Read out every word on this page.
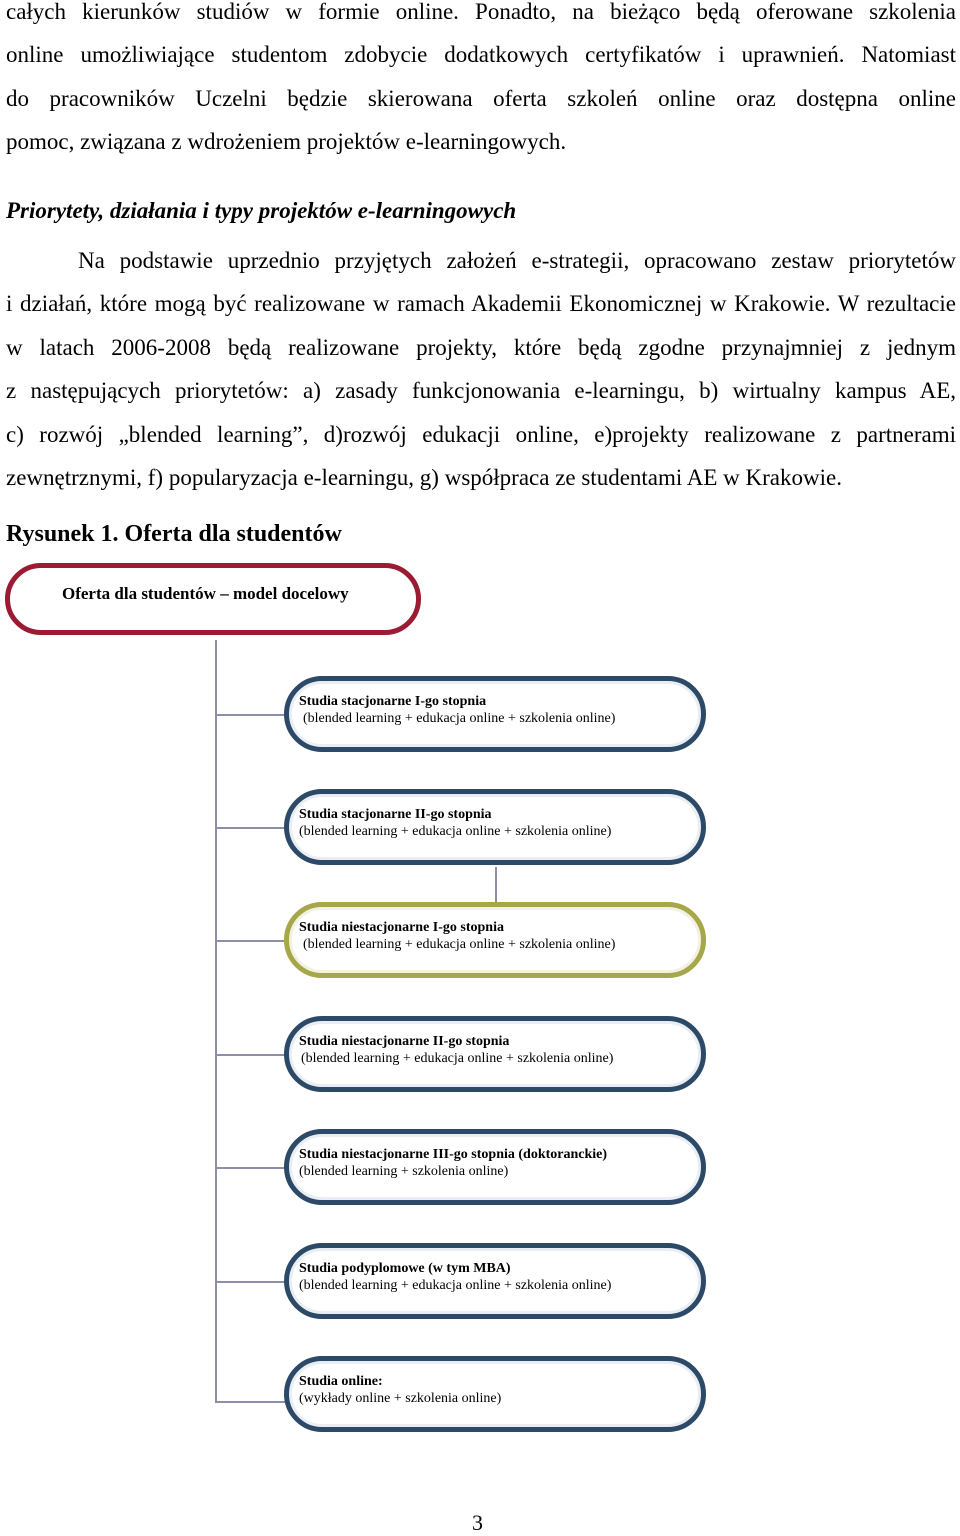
całych kierunków studiów w formie online. Ponadto, na bieżąco będą oferowane szkolenia
online umożliwiające studentom zdobycie dodatkowych certyfikatów i uprawnień. Natomiast
do pracowników Uczelni będzie skierowana oferta szkoleń online oraz dostępna online
pomoc, związana z wdrożeniem projektów e-learningowych.
Priorytety, działania i typy projektów e-learningowych
Na podstawie uprzednio przyjętych założeń e-strategii, opracowano zestaw priorytetów
i działań, które mogą być realizowane w ramach Akademii Ekonomicznej w Krakowie. W rezultacie
w latach 2006-2008 będą realizowane projekty, które będą zgodne przynajmniej z jednym
z następujących priorytetów: a) zasady funkcjonowania e-learningu, b) wirtualny kampus AE,
c) rozwój „blended learning”, d)rozwój edukacji online, e)projekty realizowane z partnerami
zewnętrznymi, f) popularyzacja e-learningu, g) współpraca ze studentami AE w Krakowie.
Rysunek 1. Oferta dla studentów
Oferta dla studentów – model docelowy
Studia stacjonarne I-go stopnia
(blended learning + edukacja online + szkolenia online)
Studia stacjonarne II-go stopnia
(blended learning + edukacja online + szkolenia online)
Studia niestacjonarne I-go stopnia
(blended learning + edukacja online + szkolenia online)
Studia niestacjonarne II-go stopnia
(blended learning + edukacja online + szkolenia online)
Studia niestacjonarne III-go stopnia (doktoranckie)
(blended learning + szkolenia online)
Studia podyplomowe (w tym MBA)
(blended learning + edukacja online + szkolenia online)
Studia online:
(wykłady online + szkolenia online)
3
